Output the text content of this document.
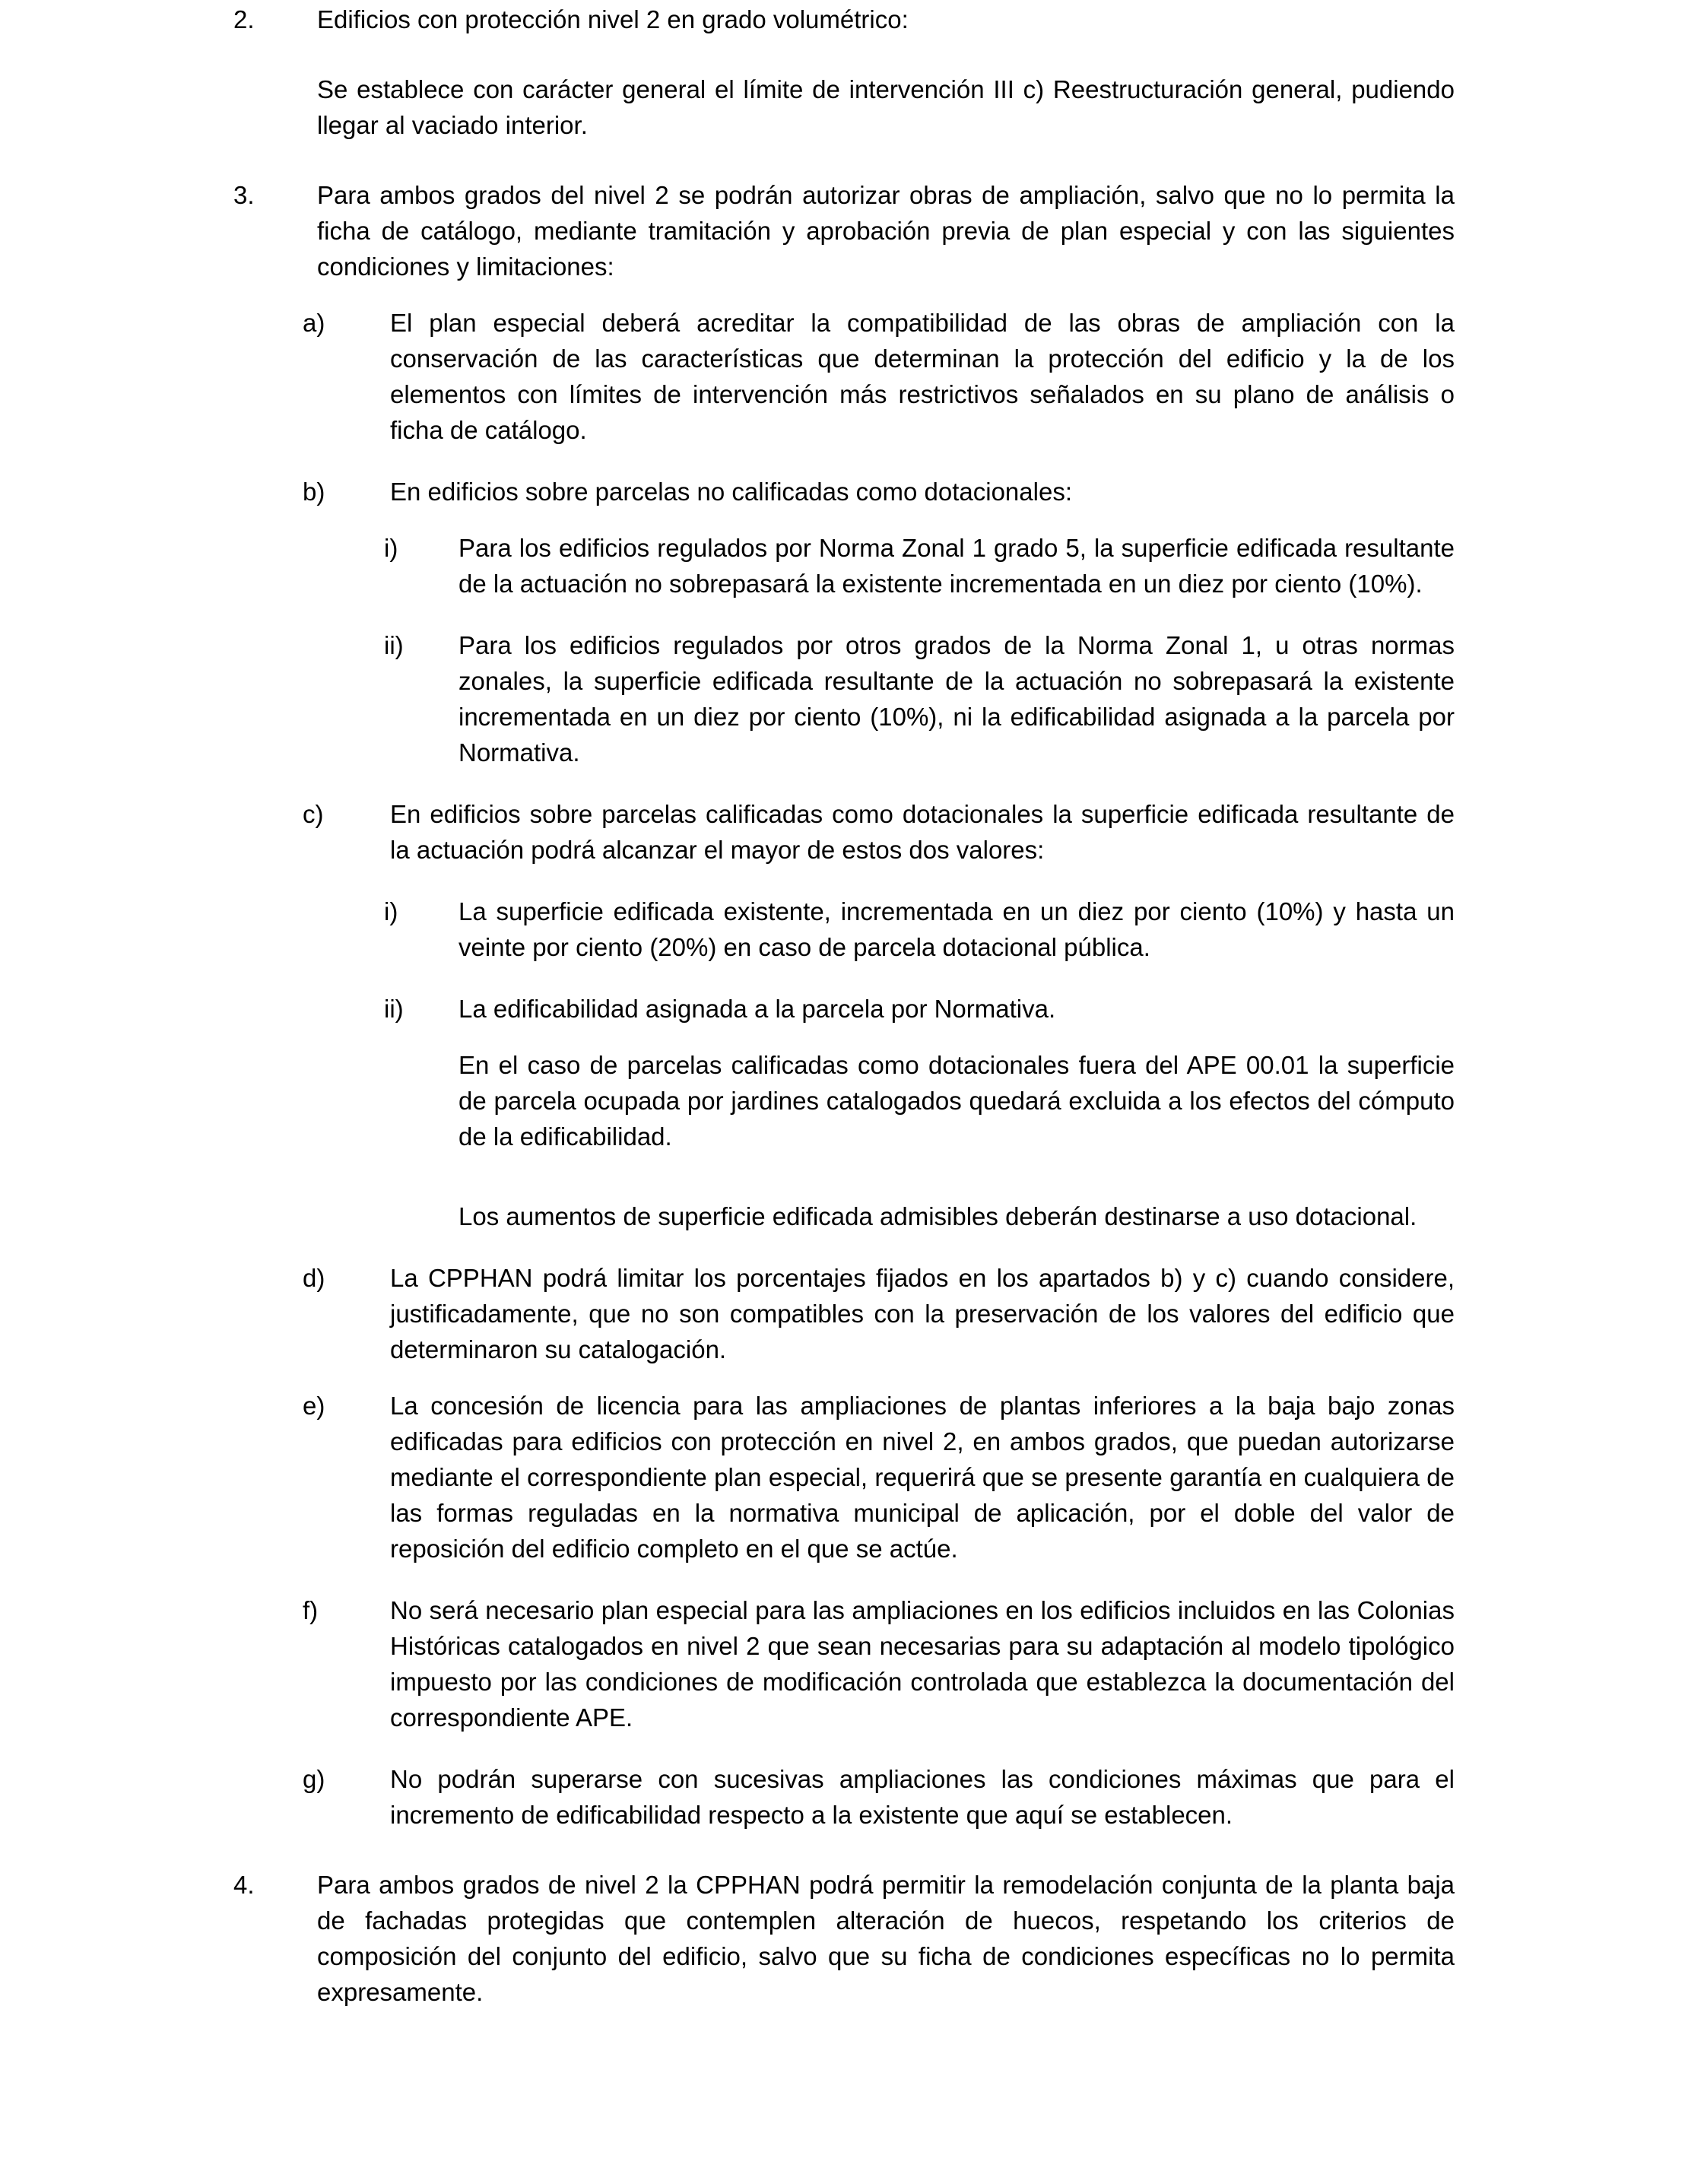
2. Edificios con protección nivel 2 en grado volumétrico:
Se establece con carácter general el límite de intervención III c) Reestructuración general, pudiendo llegar al vaciado interior.
3. Para ambos grados del nivel 2 se podrán autorizar obras de ampliación, salvo que no lo permita la ficha de catálogo, mediante tramitación y aprobación previa de plan especial y con las siguientes condiciones y limitaciones:
a)	El plan especial deberá acreditar la compatibilidad de las obras de ampliación con la conservación de las características que determinan la protección del edificio y la de los elementos con límites de intervención más restrictivos señalados en su plano de análisis o ficha de catálogo.
b)	En edificios sobre parcelas no calificadas como dotacionales:
i) Para los edificios regulados por Norma Zonal 1 grado 5, la superficie edificada resultante de la actuación no sobrepasará la existente incrementada en un diez por ciento (10%).
ii) Para los edificios regulados por otros grados de la Norma Zonal 1, u otras normas zonales, la superficie edificada resultante de la actuación no sobrepasará la existente incrementada en un diez por ciento (10%), ni la edificabilidad asignada a la parcela por Normativa.
c)	En edificios sobre parcelas calificadas como dotacionales la superficie edificada resultante de la actuación podrá alcanzar el mayor de estos dos valores:
i) La superficie edificada existente, incrementada en un diez por ciento (10%) y hasta un veinte por ciento (20%) en caso de parcela dotacional pública.
ii) La edificabilidad asignada a la parcela por Normativa.
En el caso de parcelas calificadas como dotacionales fuera del APE 00.01 la superficie de parcela ocupada por jardines catalogados quedará excluida a los efectos del cómputo de la edificabilidad.
Los aumentos de superficie edificada admisibles deberán destinarse a uso dotacional.
d)	La CPPHAN podrá limitar los porcentajes fijados en los apartados b) y c) cuando considere, justificadamente, que no son compatibles con la preservación de los valores del edificio que determinaron su catalogación.
e)	La concesión de licencia para las ampliaciones de plantas inferiores a la baja bajo zonas edificadas para edificios con protección en nivel 2, en ambos grados, que puedan autorizarse mediante el correspondiente plan especial, requerirá que se presente garantía en cualquiera de las formas reguladas en la normativa municipal de aplicación, por el doble del valor de reposición del edificio completo en el que se actúe.
f)	No será necesario plan especial para las ampliaciones en los edificios incluidos en las Colonias Históricas catalogados en nivel 2 que sean necesarias para su adaptación al modelo tipológico impuesto por las condiciones de modificación controlada que establezca la documentación del correspondiente APE.
g)	No podrán superarse con sucesivas ampliaciones las condiciones máximas que para el incremento de edificabilidad respecto a la existente que aquí se establecen.
4. Para ambos grados de nivel 2 la CPPHAN podrá permitir la remodelación conjunta de la planta baja de fachadas protegidas que contemplen alteración de huecos, respetando los criterios de composición del conjunto del edificio, salvo que su ficha de condiciones específicas no lo permita expresamente.
